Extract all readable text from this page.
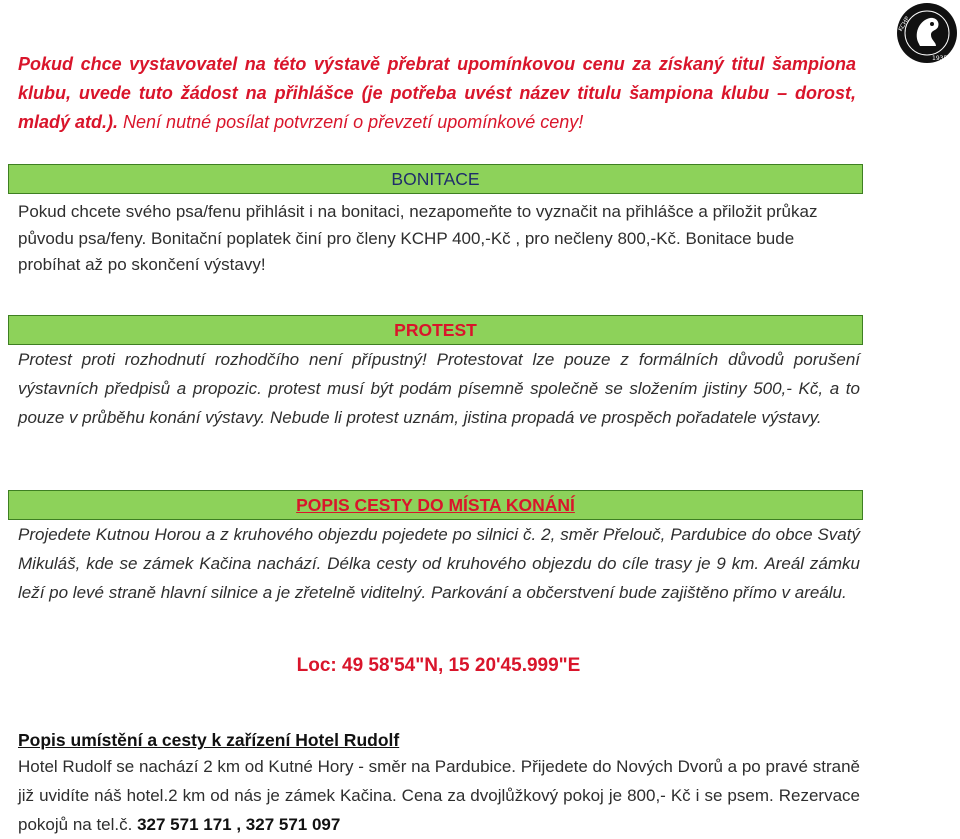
KCHP
1935

Pokud chce vystavovatel na této výstavě přebrat upomínkovou cenu za získaný titul šampiona klubu, uvede tuto žádost na přihlášce (je potřeba uvést název titulu šampiona klubu – dorost, mladý atd.). Není nutné posílat potvrzení o převzetí upomínkové ceny!

BONITACE

Pokud chcete svého psa/fenu přihlásit i na bonitaci, nezapomeňte to vyznačit na přihlášce a přiložit průkaz původu psa/feny. Bonitační poplatek činí pro členy KCHP 400,-Kč , pro nečleny 800,-Kč. Bonitace bude probíhat až po skončení výstavy!

PROTEST

Protest proti rozhodnutí rozhodčího není přípustný! Protestovat lze pouze z formálních důvodů porušení výstavních předpisů a propozic. protest musí být podám písemně společně se složením jistiny 500,- Kč, a to pouze v průběhu konání výstavy. Nebude li protest uznám, jistina propadá ve prospěch pořadatele výstavy.

POPIS CESTY DO MÍSTA KONÁNÍ

Projedete Kutnou Horou a z kruhového objezdu pojedete po silnici č. 2, směr Přelouč, Pardubice do obce Svatý Mikuláš, kde se zámek Kačina nachází. Délka cesty od kruhového objezdu do cíle trasy je 9 km. Areál zámku leží po levé straně hlavní silnice a je zřetelně viditelný. Parkování a občerstvení bude zajištěno přímo v areálu.

Loc: 49 58'54"N, 15 20'45.999"E
Popis umístění a cesty k zařízení Hotel Rudolf

Hotel Rudolf se nachází 2 km od Kutné Hory - směr na Pardubice. Přijedete do Nových Dvorů a po pravé straně již uvidíte náš hotel.2 km od nás je zámek Kačina. Cena za dvojlůžkový pokoj je 800,- Kč i se psem. Rezervace pokojů na tel.č. 327 571 171 , 327 571 097
